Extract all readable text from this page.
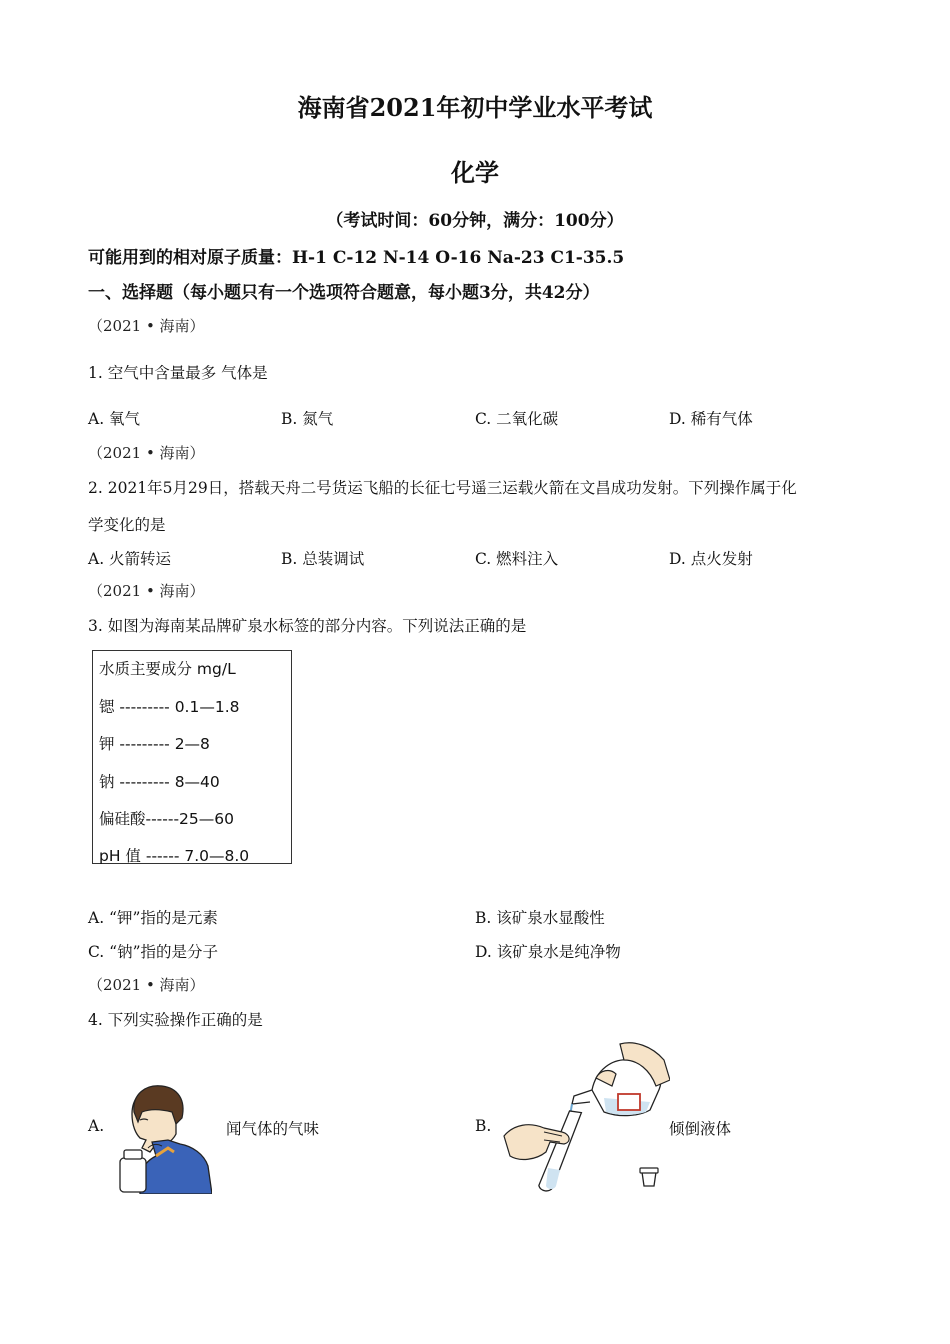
海南省2021年初中学业水平考试
化学
（考试时间：60分钟，满分：100分）
可能用到的相对原子质量：H-1 C-12 N-14 O-16 Na-23 C1-35.5
一、选择题（每小题只有一个选项符合题意，每小题3分，共42分）
（2021 • 海南）
1. 空气中含量最多 气体是
A. 氧气	B. 氮气	C. 二氧化碳	D. 稀有气体
（2021 • 海南）
2. 2021年5月29日，搭载天舟二号货运飞船的长征七号遥三运载火箭在文昌成功发射。下列操作属于化
学变化的是
A. 火箭转运	B. 总装调试	C. 燃料注入	D. 点火发射
（2021 • 海南）
3. 如图为海南某品牌矿泉水标签的部分内容。下列说法正确的是
水质主要成分 mg/L
锶 --------- 0.1—1.8
钾 --------- 2—8
钠 --------- 8—40
偏硅酸------25—60
pH 值 ------ 7.0—8.0
A. “钾”指的是元素	B. 该矿泉水显酸性
C. “钠”指的是分子	D. 该矿泉水是纯净物
（2021 • 海南）
4. 下列实验操作正确的是
A.	闻气体的气味	B.	倾倒液体
